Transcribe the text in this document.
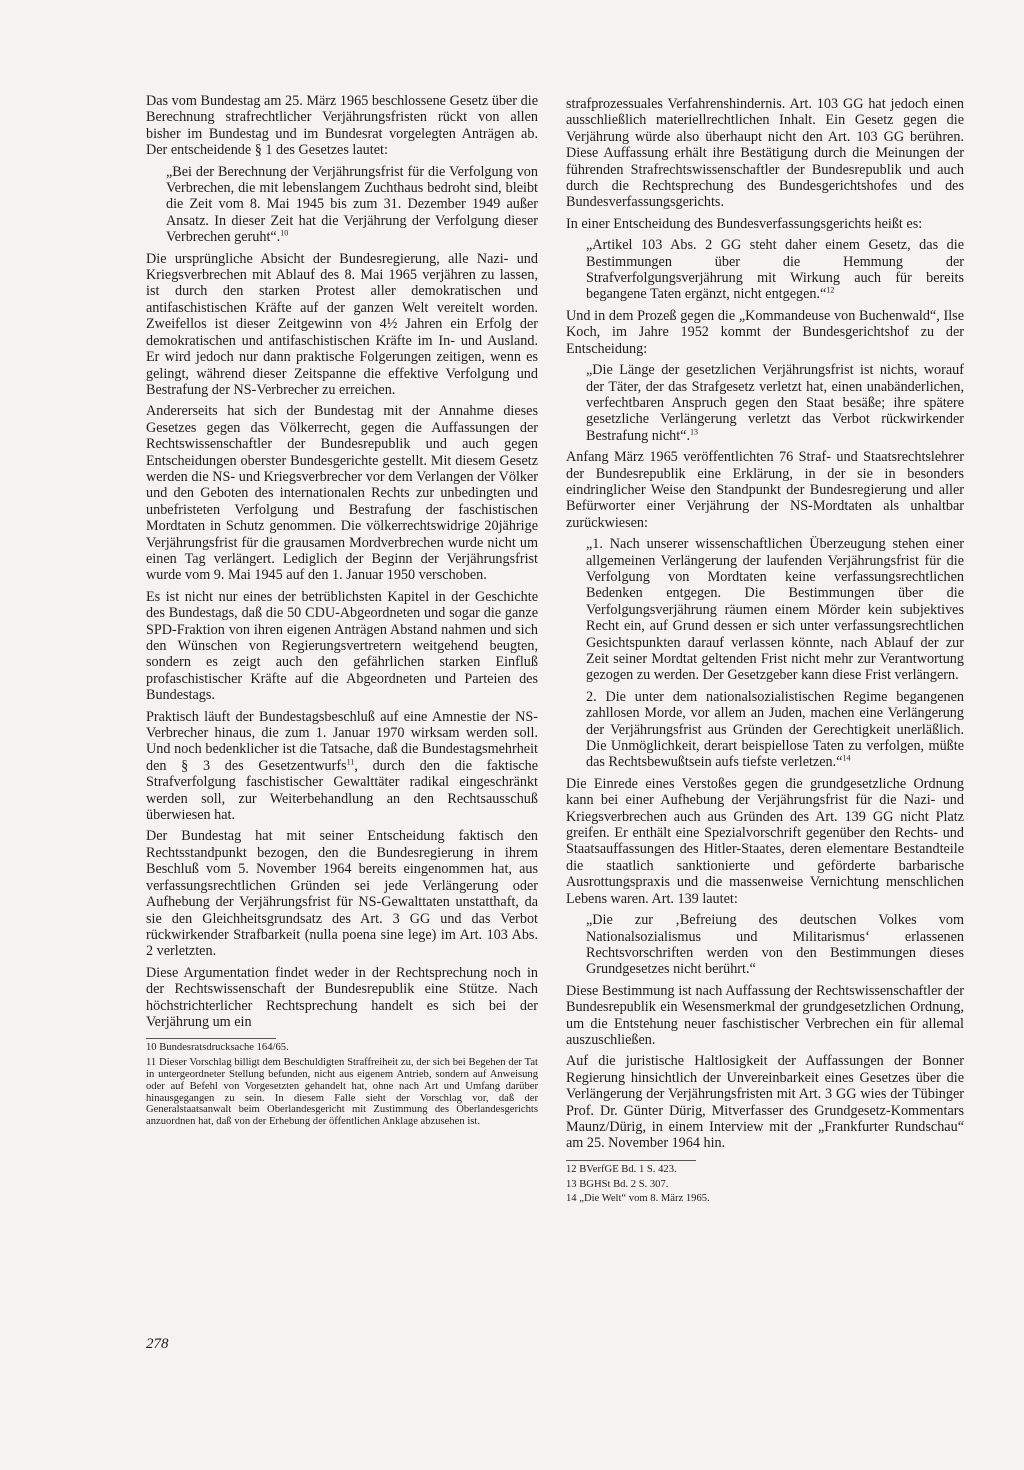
Das vom Bundestag am 25. März 1965 beschlossene Gesetz über die Berechnung strafrechtlicher Verjährungsfristen rückt von allen bisher im Bundestag und im Bundesrat vorgelegten Anträgen ab. Der entscheidende § 1 des Gesetzes lautet:

„Bei der Berechnung der Verjährungsfrist für die Verfolgung von Verbrechen, die mit lebenslangem Zuchthaus bedroht sind, bleibt die Zeit vom 8. Mai 1945 bis zum 31. Dezember 1949 außer Ansatz. In dieser Zeit hat die Verjährung der Verfolgung dieser Verbrechen geruht“.$^{10}$

Die ursprüngliche Absicht der Bundesregierung, alle Nazi- und Kriegsverbrechen mit Ablauf des 8. Mai 1965 verjähren zu lassen, ist durch den starken Protest aller demokratischen und antifaschistischen Kräfte auf der ganzen Welt vereitelt worden. Zweifellos ist dieser Zeitgewinn von 4½ Jahren ein Erfolg der demokratischen und antifaschistischen Kräfte im In- und Ausland. Er wird jedoch nur dann praktische Folgerungen zeitigen, wenn es gelingt, während dieser Zeitspanne die effektive Verfolgung und Bestrafung der NS-Verbrecher zu erreichen.

Andererseits hat sich der Bundestag mit der Annahme dieses Gesetzes gegen das Völkerrecht, gegen die Auffassungen der Rechtswissenschaftler der Bundesrepublik und auch gegen Entscheidungen oberster Bundesgerichte gestellt. Mit diesem Gesetz werden die NS- und Kriegsverbrecher vor dem Verlangen der Völker und den Geboten des internationalen Rechts zur unbedingten und unbefristeten Verfolgung und Bestrafung der faschistischen Mordtaten in Schutz genommen. Die völkerrechtswidrige 20jährige Verjährungsfrist für die grausamen Mordverbrechen wurde nicht um einen Tag verlängert. Lediglich der Beginn der Verjährungsfrist wurde vom 9. Mai 1945 auf den 1. Januar 1950 verschoben.

Es ist nicht nur eines der betrüblichsten Kapitel in der Geschichte des Bundestags, daß die 50 CDU-Abgeordneten und sogar die ganze SPD-Fraktion von ihren eigenen Anträgen Abstand nahmen und sich den Wünschen von Regierungsvertretern weitgehend beugten, sondern es zeigt auch den gefährlichen starken Einfluß profaschistischer Kräfte auf die Abgeordneten und Parteien des Bundestags.

Praktisch läuft der Bundestagsbeschluß auf eine Amnestie der NS-Verbrecher hinaus, die zum 1. Januar 1970 wirksam werden soll. Und noch bedenklicher ist die Tatsache, daß die Bundestagsmehrheit den § 3 des Gesetzentwurfs$^{11}$, durch den die faktische Strafverfolgung faschistischer Gewalttäter radikal eingeschränkt werden soll, zur Weiterbehandlung an den Rechtsausschuß überwiesen hat.

Der Bundestag hat mit seiner Entscheidung faktisch den Rechtsstandpunkt bezogen, den die Bundesregierung in ihrem Beschluß vom 5. November 1964 bereits eingenommen hat, aus verfassungsrechtlichen Gründen sei jede Verlängerung oder Aufhebung der Verjährungsfrist für NS-Gewalttaten unstatthaft, da sie den Gleichheitsgrundsatz des Art. 3 GG und das Verbot rückwirkender Strafbarkeit (nulla poena sine lege) im Art. 103 Abs. 2 verletzten.

Diese Argumentation findet weder in der Rechtsprechung noch in der Rechtswissenschaft der Bundesrepublik eine Stütze. Nach höchstrichterlicher Rechtsprechung handelt es sich bei der Verjährung um ein

10 Bundesratsdrucksache 164/65.

11 Dieser Vorschlag billigt dem Beschuldigten Straffreiheit zu, der sich bei Begehen der Tat in untergeordneter Stellung befunden, nicht aus eigenem Antrieb, sondern auf Anweisung oder auf Befehl von Vorgesetzten gehandelt hat, ohne nach Art und Umfang darüber hinausgegangen zu sein. In diesem Falle sieht der Vorschlag vor, daß der Generalstaatsanwalt beim Oberlandesgericht mit Zustimmung des Oberlandesgerichts anzuordnen hat, daß von der Erhebung der öffentlichen Anklage abzusehen ist.

strafprozessuales Verfahrenshindernis. Art. 103 GG hat jedoch einen ausschließlich materiellrechtlichen Inhalt. Ein Gesetz gegen die Verjährung würde also überhaupt nicht den Art. 103 GG berühren. Diese Auffassung erhält ihre Bestätigung durch die Meinungen der führenden Strafrechtswissenschaftler der Bundesrepublik und auch durch die Rechtsprechung des Bundesgerichtshofes und des Bundesverfassungsgerichts.

In einer Entscheidung des Bundesverfassungsgerichts heißt es:

„Artikel 103 Abs. 2 GG steht daher einem Gesetz, das die Bestimmungen über die Hemmung der Strafverfolgungsverjährung mit Wirkung auch für bereits begangene Taten ergänzt, nicht entgegen.“$^{12}$

Und in dem Prozeß gegen die „Kommandeuse von Buchenwald“, Ilse Koch, im Jahre 1952 kommt der Bundesgerichtshof zu der Entscheidung:

„Die Länge der gesetzlichen Verjährungsfrist ist nichts, worauf der Täter, der das Strafgesetz verletzt hat, einen unabänderlichen, verfechtbaren Anspruch gegen den Staat besäße; ihre spätere gesetzliche Verlängerung verletzt das Verbot rückwirkender Bestrafung nicht“.$^{13}$

Anfang März 1965 veröffentlichten 76 Straf- und Staatsrechtslehrer der Bundesrepublik eine Erklärung, in der sie in besonders eindringlicher Weise den Standpunkt der Bundesregierung und aller Befürworter einer Verjährung der NS-Mordtaten als unhaltbar zurückwiesen:

„1. Nach unserer wissenschaftlichen Überzeugung stehen einer allgemeinen Verlängerung der laufenden Verjährungsfrist für die Verfolgung von Mordtaten keine verfassungsrechtlichen Bedenken entgegen. Die Bestimmungen über die Verfolgungsverjährung räumen einem Mörder kein subjektives Recht ein, auf Grund dessen er sich unter verfassungsrechtlichen Gesichtspunkten darauf verlassen könnte, nach Ablauf der zur Zeit seiner Mordtat geltenden Frist nicht mehr zur Verantwortung gezogen zu werden. Der Gesetzgeber kann diese Frist verlängern.

2. Die unter dem nationalsozialistischen Regime begangenen zahllosen Morde, vor allem an Juden, machen eine Verlängerung der Verjährungsfrist aus Gründen der Gerechtigkeit unerläßlich. Die Unmöglichkeit, derart beispiellose Taten zu verfolgen, müßte das Rechtsbewußtsein aufs tiefste verletzen.“$^{14}$

Die Einrede eines Verstoßes gegen die grundgesetzliche Ordnung kann bei einer Aufhebung der Verjährungsfrist für die Nazi- und Kriegsverbrechen auch aus Gründen des Art. 139 GG nicht Platz greifen. Er enthält eine Spezialvorschrift gegenüber den Rechts- und Staatsauffassungen des Hitler-Staates, deren elementare Bestandteile die staatlich sanktionierte und geförderte barbarische Ausrottungspraxis und die massenweise Vernichtung menschlichen Lebens waren. Art. 139 lautet:

„Die zur ‚Befreiung des deutschen Volkes vom Nationalsozialismus und Militarismus‘ erlassenen Rechtsvorschriften werden von den Bestimmungen dieses Grundgesetzes nicht berührt.“

Diese Bestimmung ist nach Auffassung der Rechtswissenschaftler der Bundesrepublik ein Wesensmerkmal der grundgesetzlichen Ordnung, um die Entstehung neuer faschistischer Verbrechen ein für allemal auszuschließen.

Auf die juristische Haltlosigkeit der Auffassungen der Bonner Regierung hinsichtlich der Unvereinbarkeit eines Gesetzes über die Verlängerung der Verjährungsfristen mit Art. 3 GG wies der Tübinger Prof. Dr. Günter Dürig, Mitverfasser des Grundgesetz-Kommentars Maunz/Dürig, in einem Interview mit der „Frankfurter Rundschau“ am 25. November 1964 hin.

12 BVerfGE Bd. 1 S. 423.

13 BGHSt Bd. 2 S. 307.

14 „Die Welt“ vom 8. März 1965.

278
